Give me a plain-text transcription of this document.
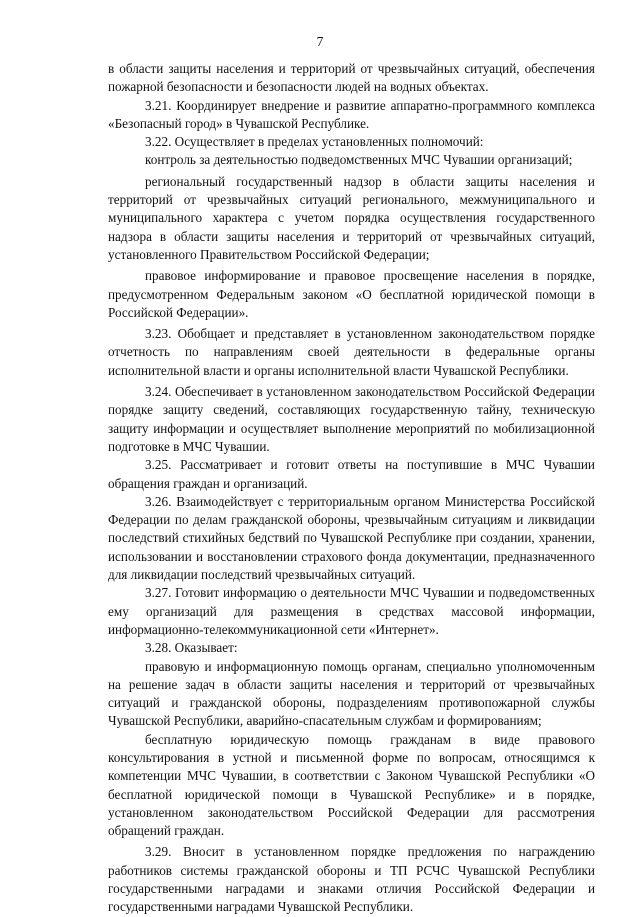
7

в области защиты населения и территорий от чрезвычайных ситуаций, обеспечения пожарной безопасности и безопасности людей на водных объектах.

3.21. Координирует внедрение и развитие аппаратно-программного комплекса «Безопасный город» в Чувашской Республике.

3.22. Осуществляет в пределах установленных полномочий:

контроль за деятельностью подведомственных МЧС Чувашии организаций;

региональный государственный надзор в области защиты населения и территорий от чрезвычайных ситуаций регионального, межмуниципального и муниципального характера с учетом порядка осуществления государственного надзора в области защиты населения и территорий от чрезвычайных ситуаций, установленного Правительством Российской Федерации;

правовое информирование и правовое просвещение населения в порядке, предусмотренном Федеральным законом «О бесплатной юридической помощи в Российской Федерации».

3.23. Обобщает и представляет в установленном законодательством порядке отчетность по направлениям своей деятельности в федеральные органы исполнительной власти и органы исполнительной власти Чувашской Республики.

3.24. Обеспечивает в установленном законодательством Российской Федерации порядке защиту сведений, составляющих государственную тайну, техническую защиту информации и осуществляет выполнение мероприятий по мобилизационной подготовке в МЧС Чувашии.

3.25. Рассматривает и готовит ответы на поступившие в МЧС Чувашии обращения граждан и организаций.

3.26. Взаимодействует с территориальным органом Министерства Российской Федерации по делам гражданской обороны, чрезвычайным ситуациям и ликвидации последствий стихийных бедствий по Чувашской Республике при создании, хранении, использовании и восстановлении страхового фонда документации, предназначенного для ликвидации последствий чрезвычайных ситуаций.

3.27. Готовит информацию о деятельности МЧС Чувашии и подведомственных ему организаций для размещения в средствах массовой информации, информационно-телекоммуникационной сети «Интернет».

3.28. Оказывает:

правовую и информационную помощь органам, специально уполномоченным на решение задач в области защиты населения и территорий от чрезвычайных ситуаций и гражданской обороны, подразделениям противопожарной службы Чувашской Республики, аварийно-спасательным службам и формированиям;

бесплатную юридическую помощь гражданам в виде правового консультирования в устной и письменной форме по вопросам, относящимся к компетенции МЧС Чувашии, в соответствии с Законом Чувашской Республики «О бесплатной юридической помощи в Чувашской Республике» и в порядке, установленном законодательством Российской Федерации для рассмотрения обращений граждан.

3.29. Вносит в установленном порядке предложения по награждению работников системы гражданской обороны и ТП РСЧС Чувашской Республики государственными наградами и знаками отличия Российской Федерации и государственными наградами Чувашской Республики.
